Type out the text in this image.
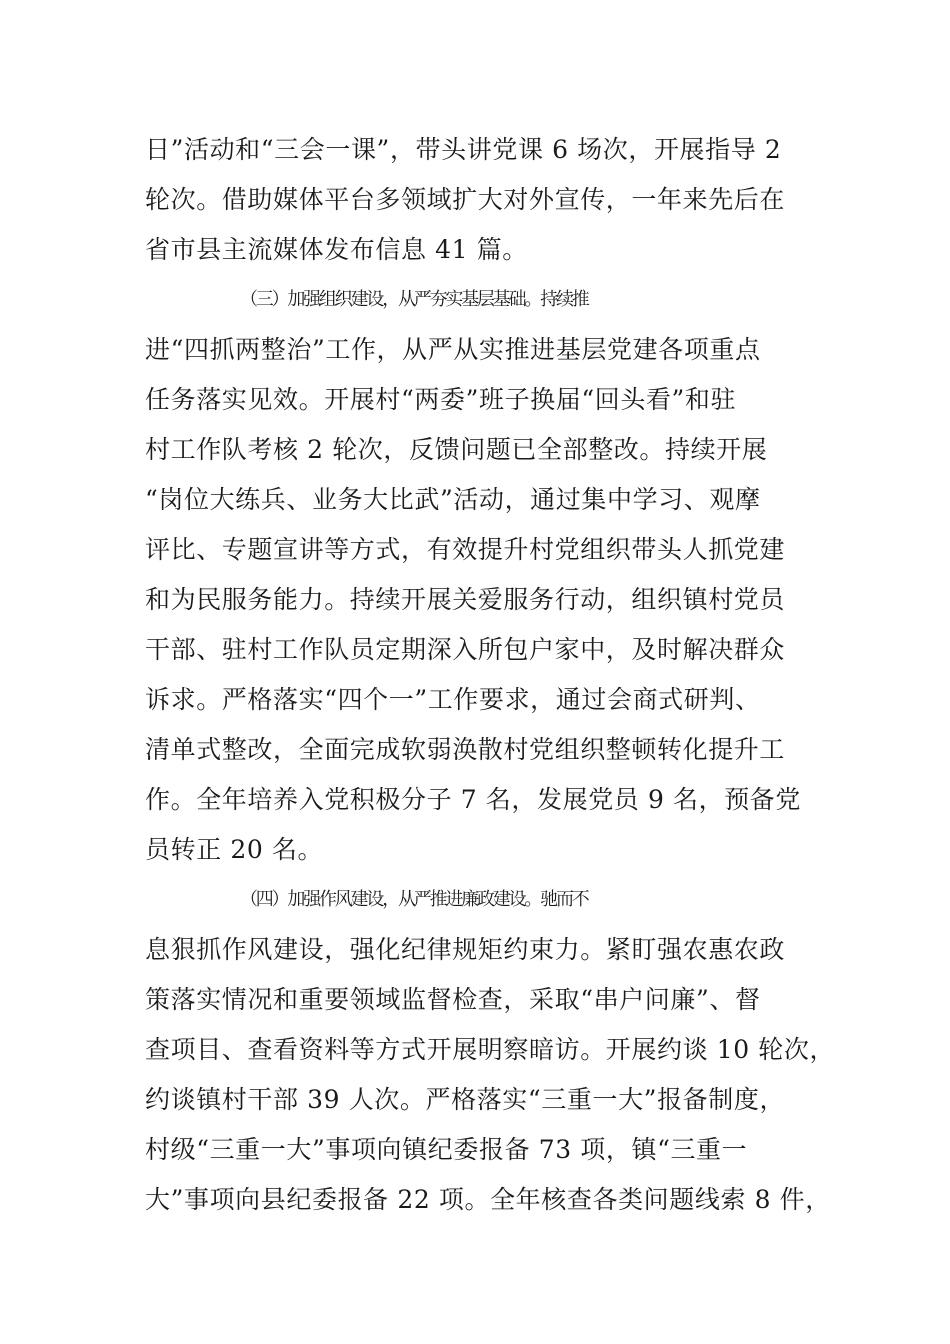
日”活动和“三会一课”，带头讲党课 6 场次，开展指导 2
轮次。借助媒体平台多领域扩大对外宣传，一年来先后在
省市县主流媒体发布信息 41 篇。
（三）加强组织建设，从严夯实基层基础。持续推
进“四抓两整治”工作，从严从实推进基层党建各项重点
任务落实见效。开展村“两委”班子换届“回头看”和驻
村工作队考核 2 轮次，反馈问题已全部整改。持续开展
“岗位大练兵、业务大比武”活动，通过集中学习、观摩
评比、专题宣讲等方式，有效提升村党组织带头人抓党建
和为民服务能力。持续开展关爱服务行动，组织镇村党员
干部、驻村工作队员定期深入所包户家中，及时解决群众
诉求。严格落实“四个一”工作要求，通过会商式研判、
清单式整改，全面完成软弱涣散村党组织整顿转化提升工
作。全年培养入党积极分子 7 名，发展党员 9 名，预备党
员转正 20 名。
（四）加强作风建设，从严推进廉政建设。驰而不
息狠抓作风建设，强化纪律规矩约束力。紧盯强农惠农政
策落实情况和重要领域监督检查，采取“串户问廉”、督
查项目、查看资料等方式开展明察暗访。开展约谈 10 轮次，
约谈镇村干部 39 人次。严格落实“三重一大”报备制度，
村级“三重一大”事项向镇纪委报备 73 项，镇“三重一
大”事项向县纪委报备 22 项。全年核查各类问题线索 8 件，
